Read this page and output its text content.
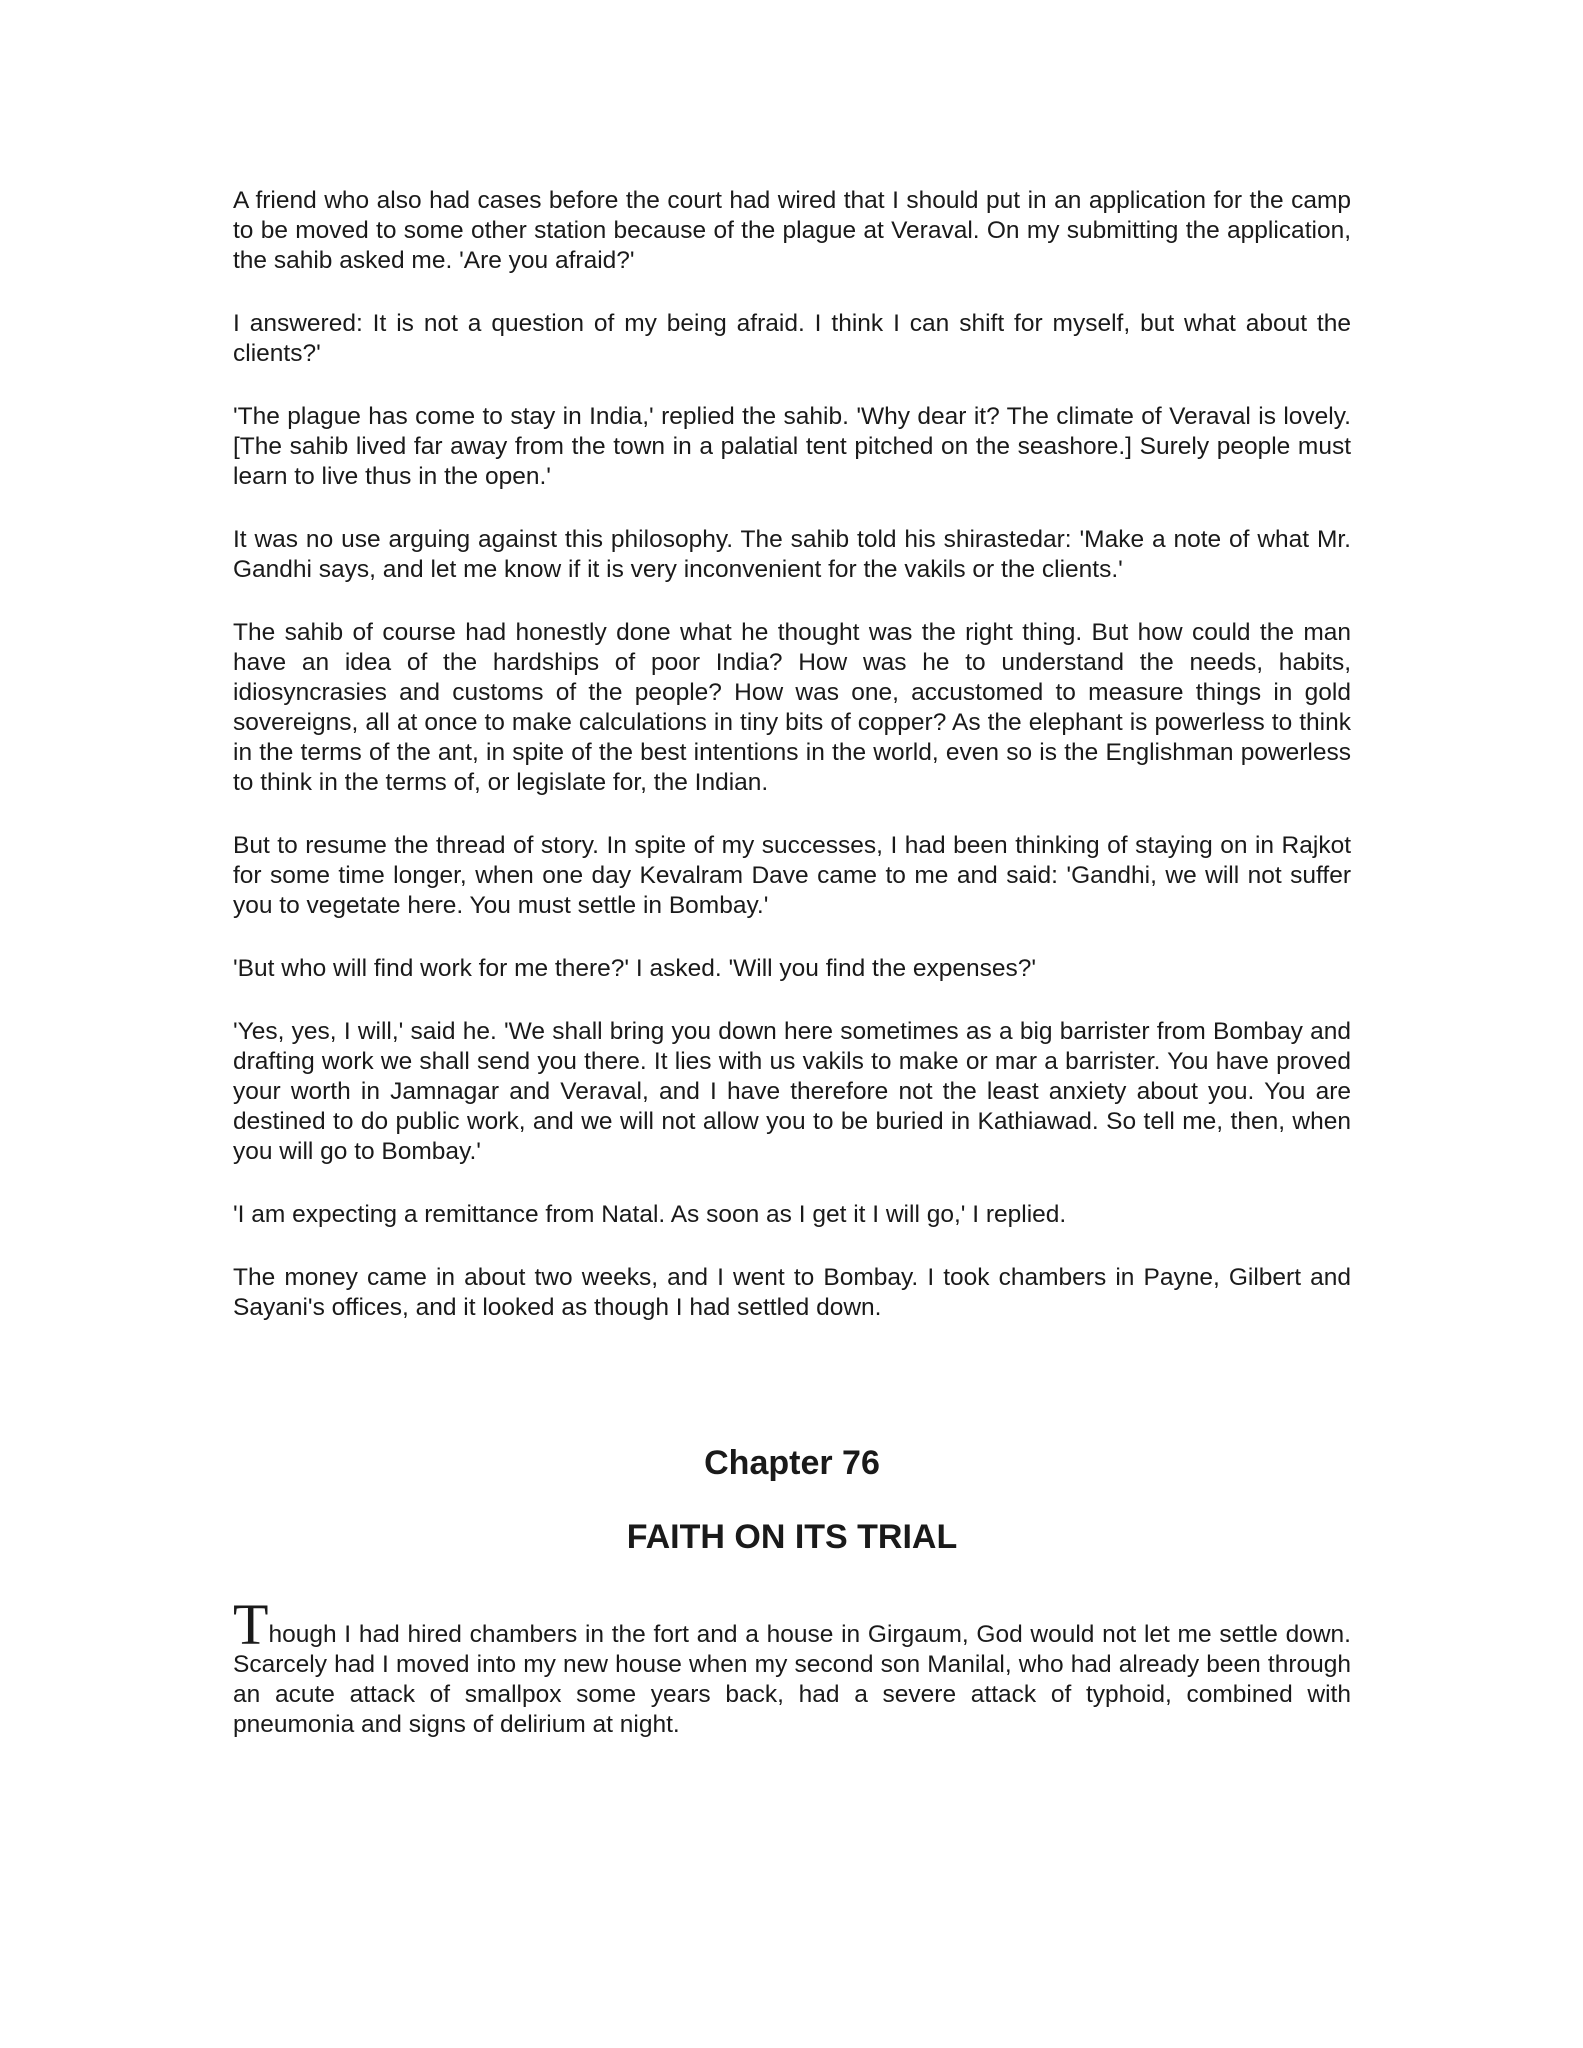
A friend who also had cases before the court had wired that I should put in an application for the camp to be moved to some other station because of the plague at Veraval. On my submitting the application, the sahib asked me. 'Are you afraid?'

I answered: It is not a question of my being afraid. I think I can shift for myself, but what about the clients?'

'The plague has come to stay in India,' replied the sahib. 'Why dear it? The climate of Veraval is lovely. [The sahib lived far away from the town in a palatial tent pitched on the seashore.] Surely people must learn to live thus in the open.'

It was no use arguing against this philosophy. The sahib told his shirastedar: 'Make a note of what Mr. Gandhi says, and let me know if it is very inconvenient for the vakils or the clients.'

The sahib of course had honestly done what he thought was the right thing. But how could the man have an idea of the hardships of poor India? How was he to understand the needs, habits, idiosyncrasies and customs of the people? How was one, accustomed to measure things in gold sovereigns, all at once to make calculations in tiny bits of copper? As the elephant is powerless to think in the terms of the ant, in spite of the best intentions in the world, even so is the Englishman powerless to think in the terms of, or legislate for, the Indian.

But to resume the thread of story. In spite of my successes, I had been thinking of staying on in Rajkot for some time longer, when one day Kevalram Dave came to me and said: 'Gandhi, we will not suffer you to vegetate here. You must settle in Bombay.'

'But who will find work for me there?' I asked. 'Will you find the expenses?'

'Yes, yes, I will,' said he. 'We shall bring you down here sometimes as a big barrister from Bombay and drafting work we shall send you there. It lies with us vakils to make or mar a barrister. You have proved your worth in Jamnagar and Veraval, and I have therefore not the least anxiety about you. You are destined to do public work, and we will not allow you to be buried in Kathiawad. So tell me, then, when you will go to Bombay.'

'I am expecting a remittance from Natal. As soon as I get it I will go,' I replied.

The money came in about two weeks, and I went to Bombay. I took chambers in Payne, Gilbert and Sayani's offices, and it looked as though I had settled down.

Chapter 76
FAITH ON ITS TRIAL

Though I had hired chambers in the fort and a house in Girgaum, God would not let me settle down. Scarcely had I moved into my new house when my second son Manilal, who had already been through an acute attack of smallpox some years back, had a severe attack of typhoid, combined with pneumonia and signs of delirium at night.
